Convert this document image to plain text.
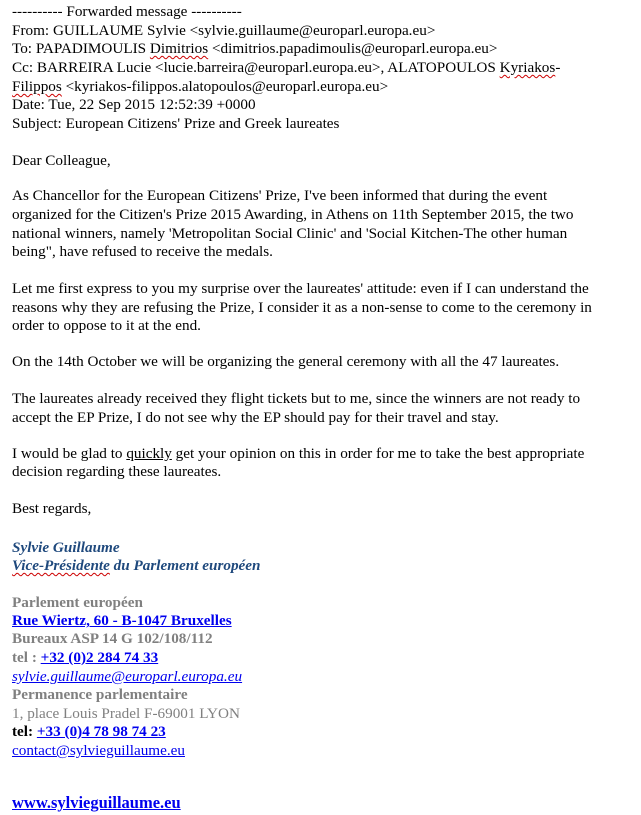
---------- Forwarded message ----------
From: GUILLAUME Sylvie <sylvie.guillaume@europarl.europa.eu>
To: PAPADIMOULIS Dimitrios <dimitrios.papadimoulis@europarl.europa.eu>
Cc: BARREIRA Lucie <lucie.barreira@europarl.europa.eu>, ALATOPOULOS Kyriakos-
Filippos <kyriakos-filippos.alatopoulos@europarl.europa.eu>
Date: Tue, 22 Sep 2015 12:52:39 +0000
Subject: European Citizens' Prize and Greek laureates
Dear Colleague,
As Chancellor for the European Citizens' Prize, I've been informed that during the event
organized for the Citizen's Prize 2015 Awarding, in Athens on 11th September 2015, the two
national winners, namely 'Metropolitan Social Clinic' and 'Social Kitchen-The other human
being", have refused to receive the medals.
Let me first express to you my surprise over the laureates' attitude: even if I can understand the
reasons why they are refusing the Prize, I consider it as a non-sense to come to the ceremony in
order to oppose to it at the end.
On the 14th October we will be organizing the general ceremony with all the 47 laureates.
The laureates already received they flight tickets but to me, since the winners are not ready to
accept the EP Prize, I do not see why the EP should pay for their travel and stay.
I would be glad to quickly get your opinion on this in order for me to take the best appropriate
decision regarding these laureates.
Best regards,
Sylvie Guillaume
Vice-Présidente du Parlement européen
Parlement européen
Rue Wiertz, 60 - B-1047 Bruxelles
Bureaux ASP 14 G 102/108/112
tel : +32 (0)2 284 74 33
sylvie.guillaume@europarl.europa.eu
Permanence parlementaire
1, place Louis Pradel F-69001 LYON
tel: +33 (0)4 78 98 74 23
contact@sylvieguillaume.eu
www.sylvieguillaume.eu
